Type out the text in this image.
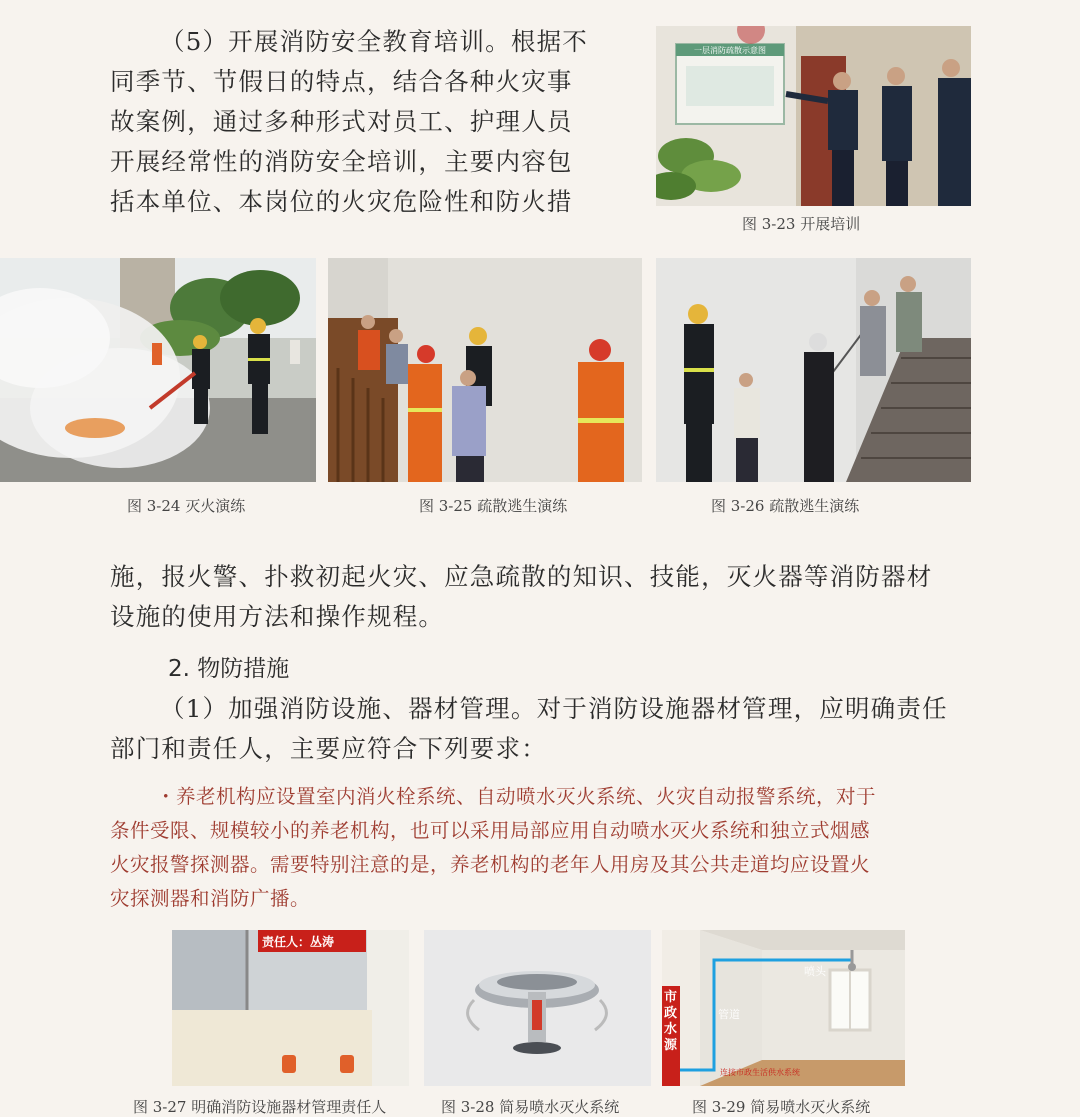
（5）开展消防安全教育培训。根据不
同季节、节假日的特点，结合各种火灾事
故案例，通过多种形式对员工、护理人员
开展经常性的消防安全培训，主要内容包
括本单位、本岗位的火灾危险性和防火措
一层消防疏散示意图
图 3-23 开展培训
图 3-24 灭火演练	图 3-25 疏散逃生演练	图 3-26 疏散逃生演练
施，报火警、扑救初起火灾、应急疏散的知识、技能，灭火器等消防器材
设施的使用方法和操作规程。
2. 物防措施
（1）加强消防设施、器材管理。对于消防设施器材管理，应明确责任
部门和责任人，主要应符合下列要求：
・养老机构应设置室内消火栓系统、自动喷水灭火系统、火灾自动报警系统，对于
条件受限、规模较小的养老机构，也可以采用局部应用自动喷水灭火系统和独立式烟感
火灾报警探测器。需要特别注意的是，养老机构的老年人用房及其公共走道均应设置火
灾探测器和消防广播。
责任人：丛涛
图 3-27 明确消防设施器材管理责任人	图 3-28 简易喷水灭火系统
喷头
管道
市政水源
连接市政生活供水系统
图 3-29 简易喷水灭火系统
